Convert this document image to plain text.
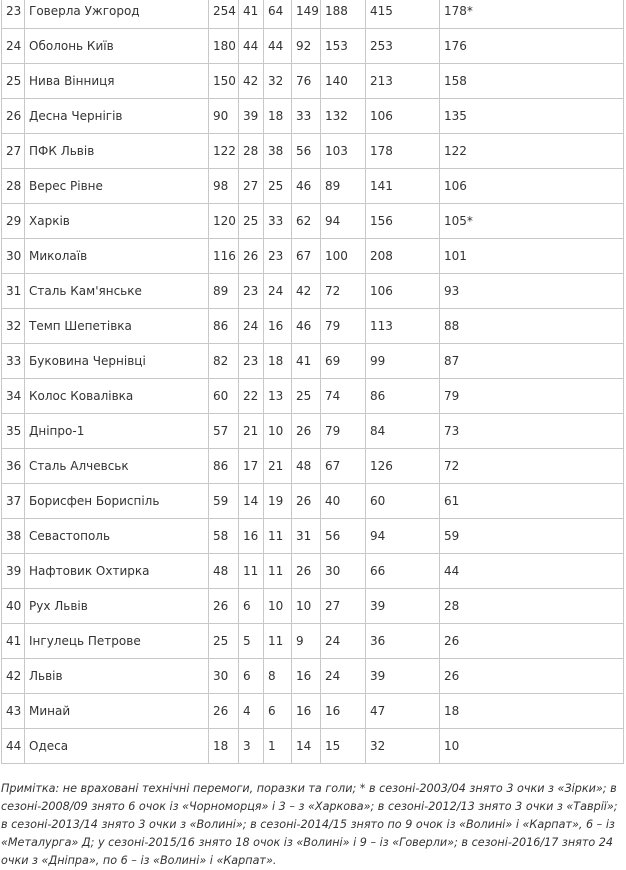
23	Говерла Ужгород	254	41	64	149	188	415	178*
24	Оболонь Київ	180	44	44	92	153	253	176
25	Нива Вінниця	150	42	32	76	140	213	158
26	Десна Чернігів	90	39	18	33	132	106	135
27	ПФК Львів	122	28	38	56	103	178	122
28	Верес Рівне	98	27	25	46	89	141	106
29	Харків	120	25	33	62	94	156	105*
30	Миколаїв	116	26	23	67	100	208	101
31	Сталь Кам'янське	89	23	24	42	72	106	93
32	Темп Шепетівка	86	24	16	46	79	113	88
33	Буковина Чернівці	82	23	18	41	69	99	87
34	Колос Ковалівка	60	22	13	25	74	86	79
35	Дніпро-1	57	21	10	26	79	84	73
36	Сталь Алчевськ	86	17	21	48	67	126	72
37	Борисфен Бориспіль	59	14	19	26	40	60	61
38	Севастополь	58	16	11	31	56	94	59
39	Нафтовик Охтирка	48	11	11	26	30	66	44
40	Рух Львів	26	6	10	10	27	39	28
41	Інгулець Петрове	25	5	11	9	24	36	26
42	Львів	30	6	8	16	24	39	26
43	Минай	26	4	6	16	16	47	18
44	Одеса	18	3	1	14	15	32	10

Примітка: не враховані технічні перемоги, поразки та голи; * в сезоні-2003/04 знято 3 очки з «Зірки»; в сезоні-2008/09 знято 6 очок із «Чорноморця» і 3 – з «Харкова»; в сезоні-2012/13 знято 3 очки з «Таврії»; в сезоні-2013/14 знято 3 очки з «Волині»; в сезоні-2014/15 знято по 9 очок із «Волині» і «Карпат», 6 – із «Металурга» Д; у сезоні-2015/16 знято 18 очок із «Волині» і 9 – із «Говерли»; в сезоні-2016/17 знято 24 очки з «Дніпра», по 6 – із «Волині» і «Карпат».
